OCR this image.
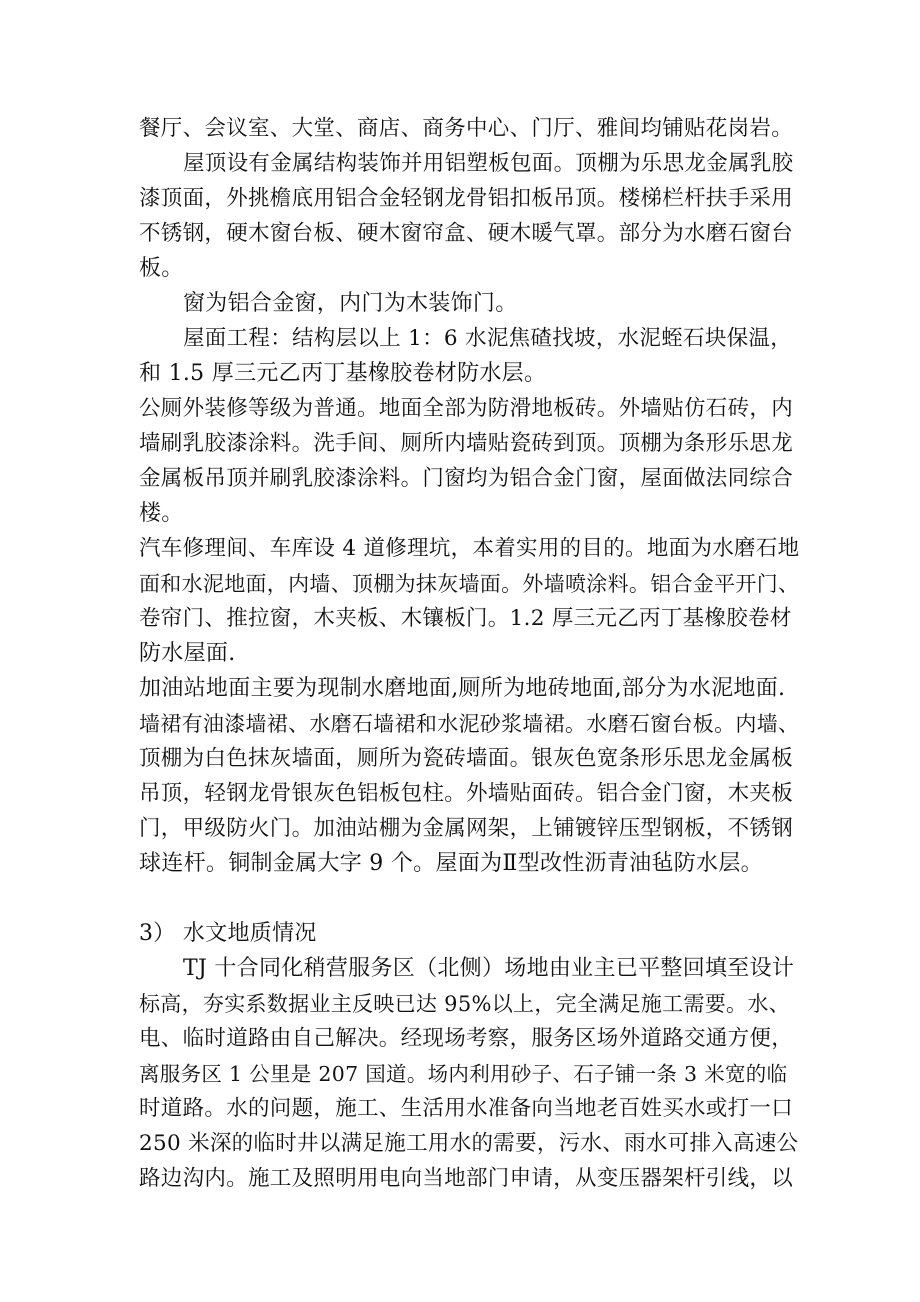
餐厅、会议室、大堂、商店、商务中心、门厅、雅间均铺贴花岗岩。
屋顶设有金属结构装饰并用铝塑板包面。顶棚为乐思龙金属乳胶
漆顶面，外挑檐底用铝合金轻钢龙骨铝扣板吊顶。楼梯栏杆扶手采用
不锈钢，硬木窗台板、硬木窗帘盒、硬木暖气罩。部分为水磨石窗台
板。
窗为铝合金窗，内门为木装饰门。
屋面工程：结构层以上 1：6 水泥焦碴找坡，水泥蛭石块保温，
和 1.5 厚三元乙丙丁基橡胶卷材防水层。
公厕外装修等级为普通。地面全部为防滑地板砖。外墙贴仿石砖，内
墙刷乳胶漆涂料。洗手间、厕所内墙贴瓷砖到顶。顶棚为条形乐思龙
金属板吊顶并刷乳胶漆涂料。门窗均为铝合金门窗，屋面做法同综合
楼。
汽车修理间、车库设 4 道修理坑，本着实用的目的。地面为水磨石地
面和水泥地面，内墙、顶棚为抹灰墙面。外墙喷涂料。铝合金平开门、
卷帘门、推拉窗，木夹板、木镶板门。1.2 厚三元乙丙丁基橡胶卷材
防水屋面.
加油站地面主要为现制水磨地面,厕所为地砖地面,部分为水泥地面.
墙裙有油漆墙裙、水磨石墙裙和水泥砂浆墙裙。水磨石窗台板。内墙、
顶棚为白色抹灰墙面，厕所为瓷砖墙面。银灰色宽条形乐思龙金属板
吊顶，轻钢龙骨银灰色铝板包柱。外墙贴面砖。铝合金门窗，木夹板
门，甲级防火门。加油站棚为金属网架，上铺镀锌压型钢板，不锈钢
球连杆。铜制金属大字 9 个。屋面为Ⅱ型改性沥青油毡防水层。
3） 水文地质情况
TJ 十合同化稍营服务区（北侧）场地由业主已平整回填至设计
标高，夯实系数据业主反映已达 95%以上，完全满足施工需要。水、
电、临时道路由自己解决。经现场考察，服务区场外道路交通方便，
离服务区 1 公里是 207 国道。场内利用砂子、石子铺一条 3 米宽的临
时道路。水的问题，施工、生活用水准备向当地老百姓买水或打一口
250 米深的临时井以满足施工用水的需要，污水、雨水可排入高速公
路边沟内。施工及照明用电向当地部门申请，从变压器架杆引线，以
